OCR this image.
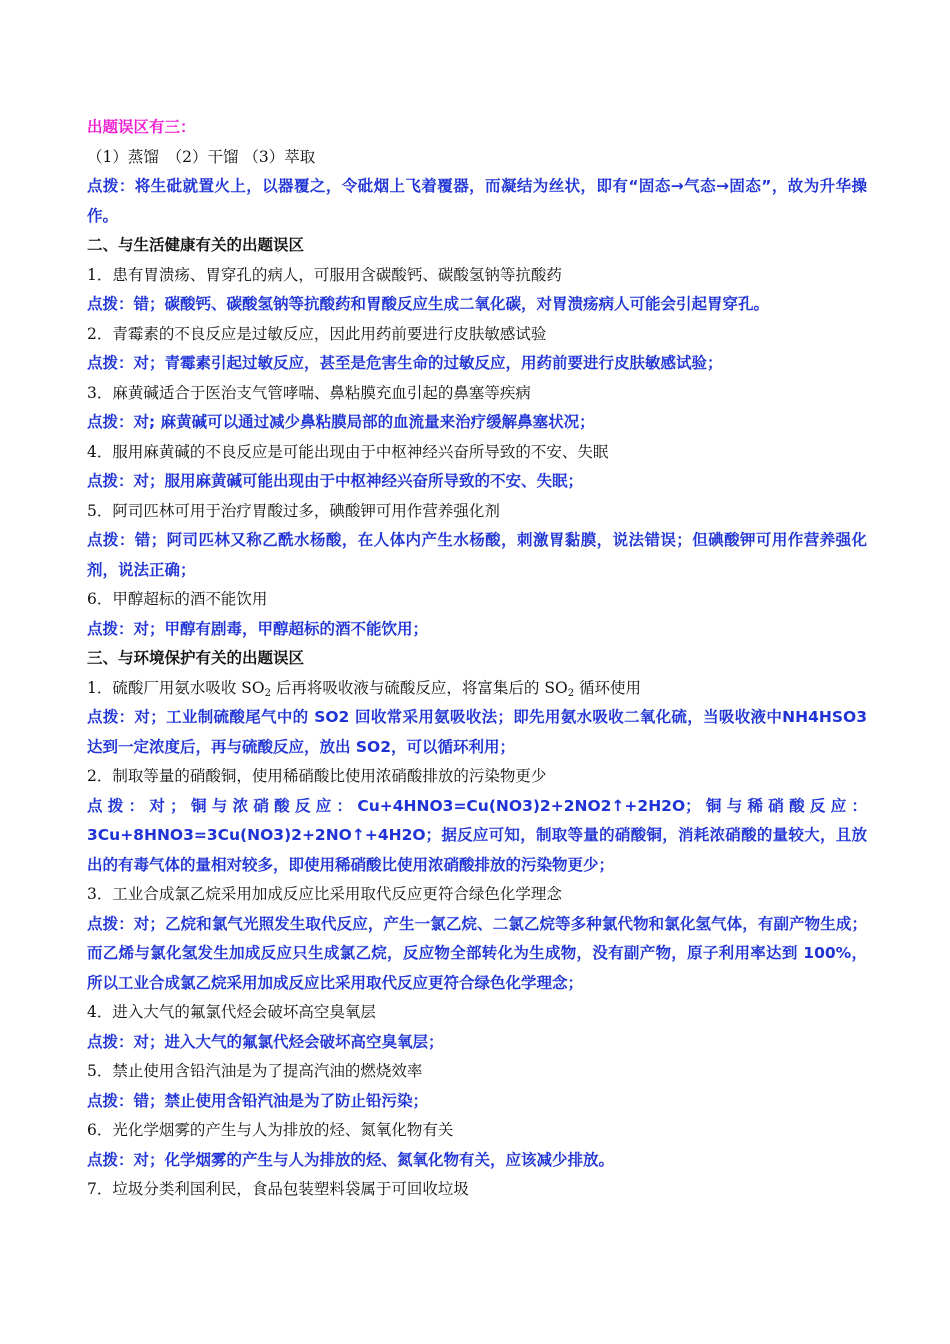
出题误区有三：
（1）蒸馏　（2）干馏 （3）萃取
点拨：将生砒就置火上，以器覆之，令砒烟上飞着覆器，而凝结为丝状，即有“固态→气态→固态”，故为升华操作。
二、与生活健康有关的出题误区
1．患有胃溃疡、胃穿孔的病人，可服用含碳酸钙、碳酸氢钠等抗酸药
点拨：错；碳酸钙、碳酸氢钠等抗酸药和胃酸反应生成二氧化碳，对胃溃疡病人可能会引起胃穿孔。
2．青霉素的不良反应是过敏反应，因此用药前要进行皮肤敏感试验
点拨：对；青霉素引起过敏反应，甚至是危害生命的过敏反应，用药前要进行皮肤敏感试验；
3．麻黄碱适合于医治支气管哮喘、鼻粘膜充血引起的鼻塞等疾病
点拨：对; 麻黄碱可以通过减少鼻粘膜局部的血流量来治疗缓解鼻塞状况；
4．服用麻黄碱的不良反应是可能出现由于中枢神经兴奋所导致的不安、失眠
点拨：对；服用麻黄碱可能出现由于中枢神经兴奋所导致的不安、失眠；
5．阿司匹林可用于治疗胃酸过多，碘酸钾可用作营养强化剂
点拨：错；阿司匹林又称乙酰水杨酸，在人体内产生水杨酸，刺激胃黏膜，说法错误；但碘酸钾可用作营养强化剂，说法正确；
6．甲醇超标的酒不能饮用
点拨：对；甲醇有剧毒，甲醇超标的酒不能饮用；
三、与环境保护有关的出题误区
1．硫酸厂用氨水吸收 $SO_2$ 后再将吸收液与硫酸反应，将富集后的 $SO_2$ 循环使用
点拨：对；工业制硫酸尾气中的 SO2 回收常采用氨吸收法；即先用氨水吸收二氧化硫，当吸收液中NH4HSO3 达到一定浓度后，再与硫酸反应，放出 SO2，可以循环利用；
2．制取等量的硝酸铜，使用稀硝酸比使用浓硝酸排放的污染物更少
点拨：对；铜与浓硝酸反应：Cu+4HNO3=Cu(NO3)2+2NO2↑+2H2O；铜与稀硝酸反应：3Cu+8HNO3=3Cu(NO3)2+2NO↑+4H2O；据反应可知，制取等量的硝酸铜，消耗浓硝酸的量较大，且放出的有毒气体的量相对较多，即使用稀硝酸比使用浓硝酸排放的污染物更少；
3．工业合成氯乙烷采用加成反应比采用取代反应更符合绿色化学理念
点拨：对；乙烷和氯气光照发生取代反应，产生一氯乙烷、二氯乙烷等多种氯代物和氯化氢气体，有副产物生成；而乙烯与氯化氢发生加成反应只生成氯乙烷，反应物全部转化为生成物，没有副产物，原子利用率达到 100%，所以工业合成氯乙烷采用加成反应比采用取代反应更符合绿色化学理念；
4．进入大气的氟氯代烃会破坏高空臭氧层
点拨：对；进入大气的氟氯代烃会破坏高空臭氧层；
5．禁止使用含铅汽油是为了提高汽油的燃烧效率
点拨：错；禁止使用含铅汽油是为了防止铅污染；
6．光化学烟雾的产生与人为排放的烃、氮氧化物有关
点拨：对；化学烟雾的产生与人为排放的烃、氮氧化物有关，应该减少排放。
7．垃圾分类利国利民，食品包装塑料袋属于可回收垃圾
